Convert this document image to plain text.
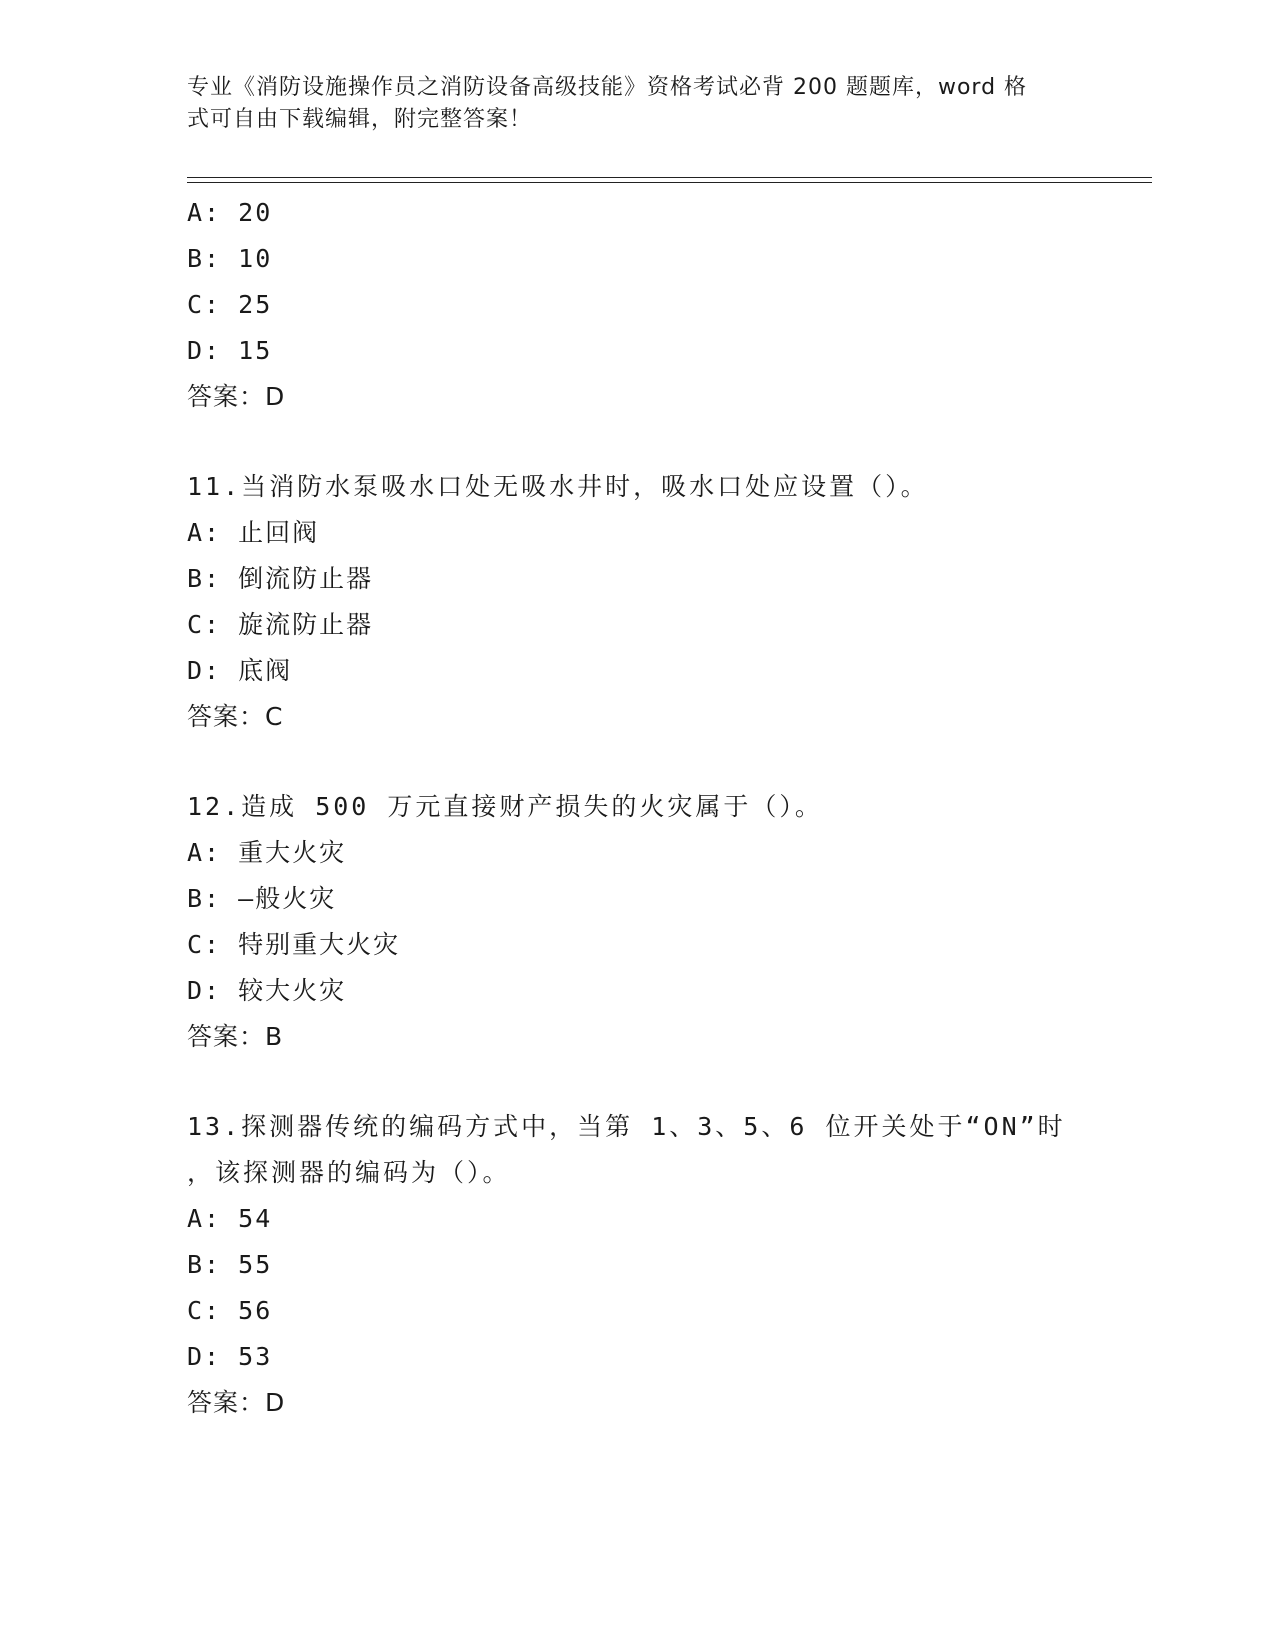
专业《消防设施操作员之消防设备高级技能》资格考试必背 200 题题库，word 格
式可自由下载编辑，附完整答案！
A: 20
B: 10
C: 25
D: 15
答案：D
11.当消防水泵吸水口处无吸水井时，吸水口处应设置（）。
A: 止回阀
B: 倒流防止器
C: 旋流防止器
D: 底阀
答案：C
12.造成 500 万元直接财产损失的火灾属于（）。
A: 重大火灾
B: —般火灾
C: 特别重大火灾
D: 较大火灾
答案：B
13.探测器传统的编码方式中，当第 1、3、5、6 位开关处于“ON”时
，该探测器的编码为（）。
A: 54
B: 55
C: 56
D: 53
答案：D
